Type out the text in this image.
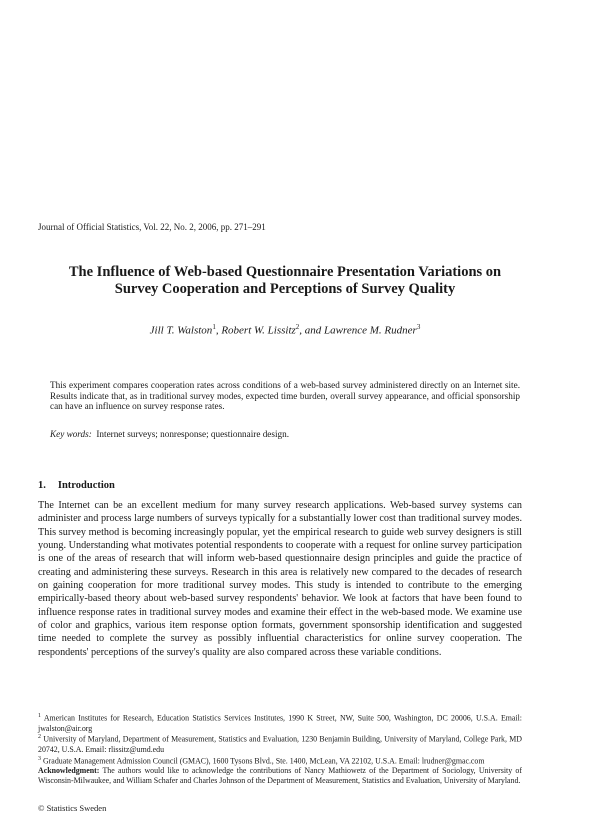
Journal of Official Statistics, Vol. 22, No. 2, 2006, pp. 271–291
The Influence of Web-based Questionnaire Presentation Variations on Survey Cooperation and Perceptions of Survey Quality
Jill T. Walston$^1$, Robert W. Lissitz$^2$, and Lawrence M. Rudner$^3$
This experiment compares cooperation rates across conditions of a web-based survey administered directly on an Internet site. Results indicate that, as in traditional survey modes, expected time burden, overall survey appearance, and official sponsorship can have an influence on survey response rates.
Key words: Internet surveys; nonresponse; questionnaire design.
1. Introduction

The Internet can be an excellent medium for many survey research applications. Web-based survey systems can administer and process large numbers of surveys typically for a substantially lower cost than traditional survey modes. This survey method is becoming increasingly popular, yet the empirical research to guide web survey designers is still young. Understanding what motivates potential respondents to cooperate with a request for online survey participation is one of the areas of research that will inform web-based questionnaire design principles and guide the practice of creating and administering these surveys. Research in this area is relatively new compared to the decades of research on gaining cooperation for more traditional survey modes. This study is intended to contribute to the emerging empirically-based theory about web-based survey respondents' behavior. We look at factors that have been found to influence response rates in traditional survey modes and examine their effect in the web-based mode. We examine use of color and graphics, various item response option formats, government sponsorship identification and suggested time needed to complete the survey as possibly influential characteristics for online survey cooperation. The respondents' perceptions of the survey's quality are also compared across these variable conditions.

$^1$ American Institutes for Research, Education Statistics Services Institutes, 1990 K Street, NW, Suite 500, Washington, DC 20006, U.S.A. Email: jwalston@air.org

$^2$ University of Maryland, Department of Measurement, Statistics and Evaluation, 1230 Benjamin Building, University of Maryland, College Park, MD 20742, U.S.A. Email: rlissitz@umd.edu

$^3$ Graduate Management Admission Council (GMAC), 1600 Tysons Blvd., Ste. 1400, McLean, VA 22102, U.S.A. Email: lrudner@gmac.com

Acknowledgment: The authors would like to acknowledge the contributions of Nancy Mathiowetz of the Department of Sociology, University of Wisconsin-Milwaukee, and William Schafer and Charles Johnson of the Department of Measurement, Statistics and Evaluation, University of Maryland.

© Statistics Sweden
